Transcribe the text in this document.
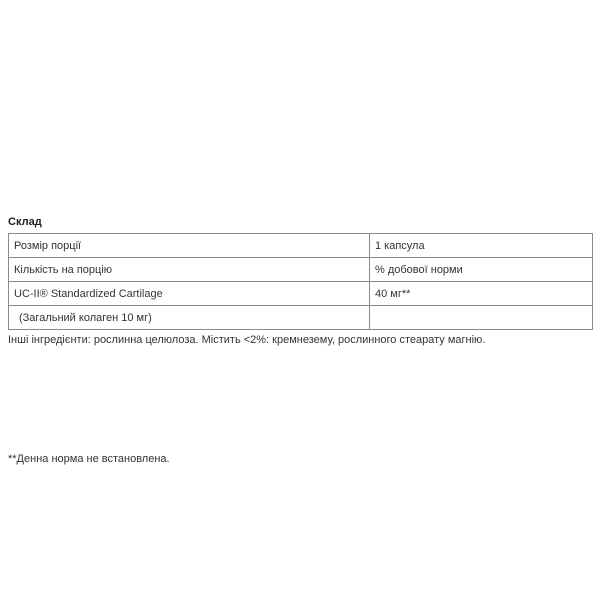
Склад
Розмір порції	1 капсула
Кількість на порцію	% добової норми
UC-II® Standardized Cartilage	40 мг**
(Загальний колаген 10 мг)	

Інші інгредієнти: рослинна целюлоза. Містить <2%: кремнезему, рослинного стеарату магнію.

**Денна норма не встановлена.
